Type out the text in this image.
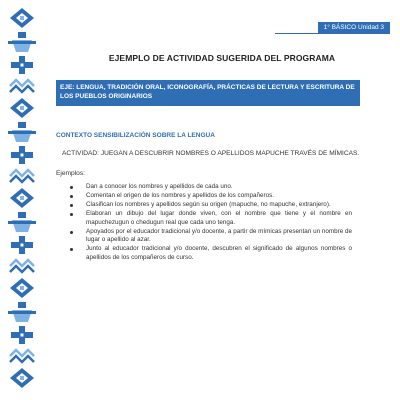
1° BÁSICO Unidad 3
EJEMPLO DE ACTIVIDAD SUGERIDA DEL PROGRAMA
EJE: LENGUA, TRADICIÓN ORAL, ICONOGRAFÍA, PRÁCTICAS DE LECTURA Y ESCRITURA DE LOS PUEBLOS ORIGINARIOS
CONTEXTO SENSIBILIZACIÓN SOBRE LA LENGUA
ACTIVIDAD: JUEGAN A DESCUBRIR NOMBRES O APELLIDOS MAPUCHE TRAVÉS DE MÍMICAS.
Ejemplos:
Dan a conocer los nombres y apellidos de cada uno.
Comentan el origen de los nombres y apellidos de los compañeros.
Clasifican los nombres y apellidos según su origen (mapuche, no mapuche, extranjero).
Elaboran un dibujo del lugar donde viven, con el nombre que tiene y el nombre en mapuchezugun o chedugun real que cada uno tenga.
Apoyados por el educador tradicional y/o docente, a partir de mímicas presentan un nombre de lugar o apellido al azar.
Junto al educador tradicional y/o docente, descubren el significado de algunos nombres o apellidos de los compañeros de curso.
